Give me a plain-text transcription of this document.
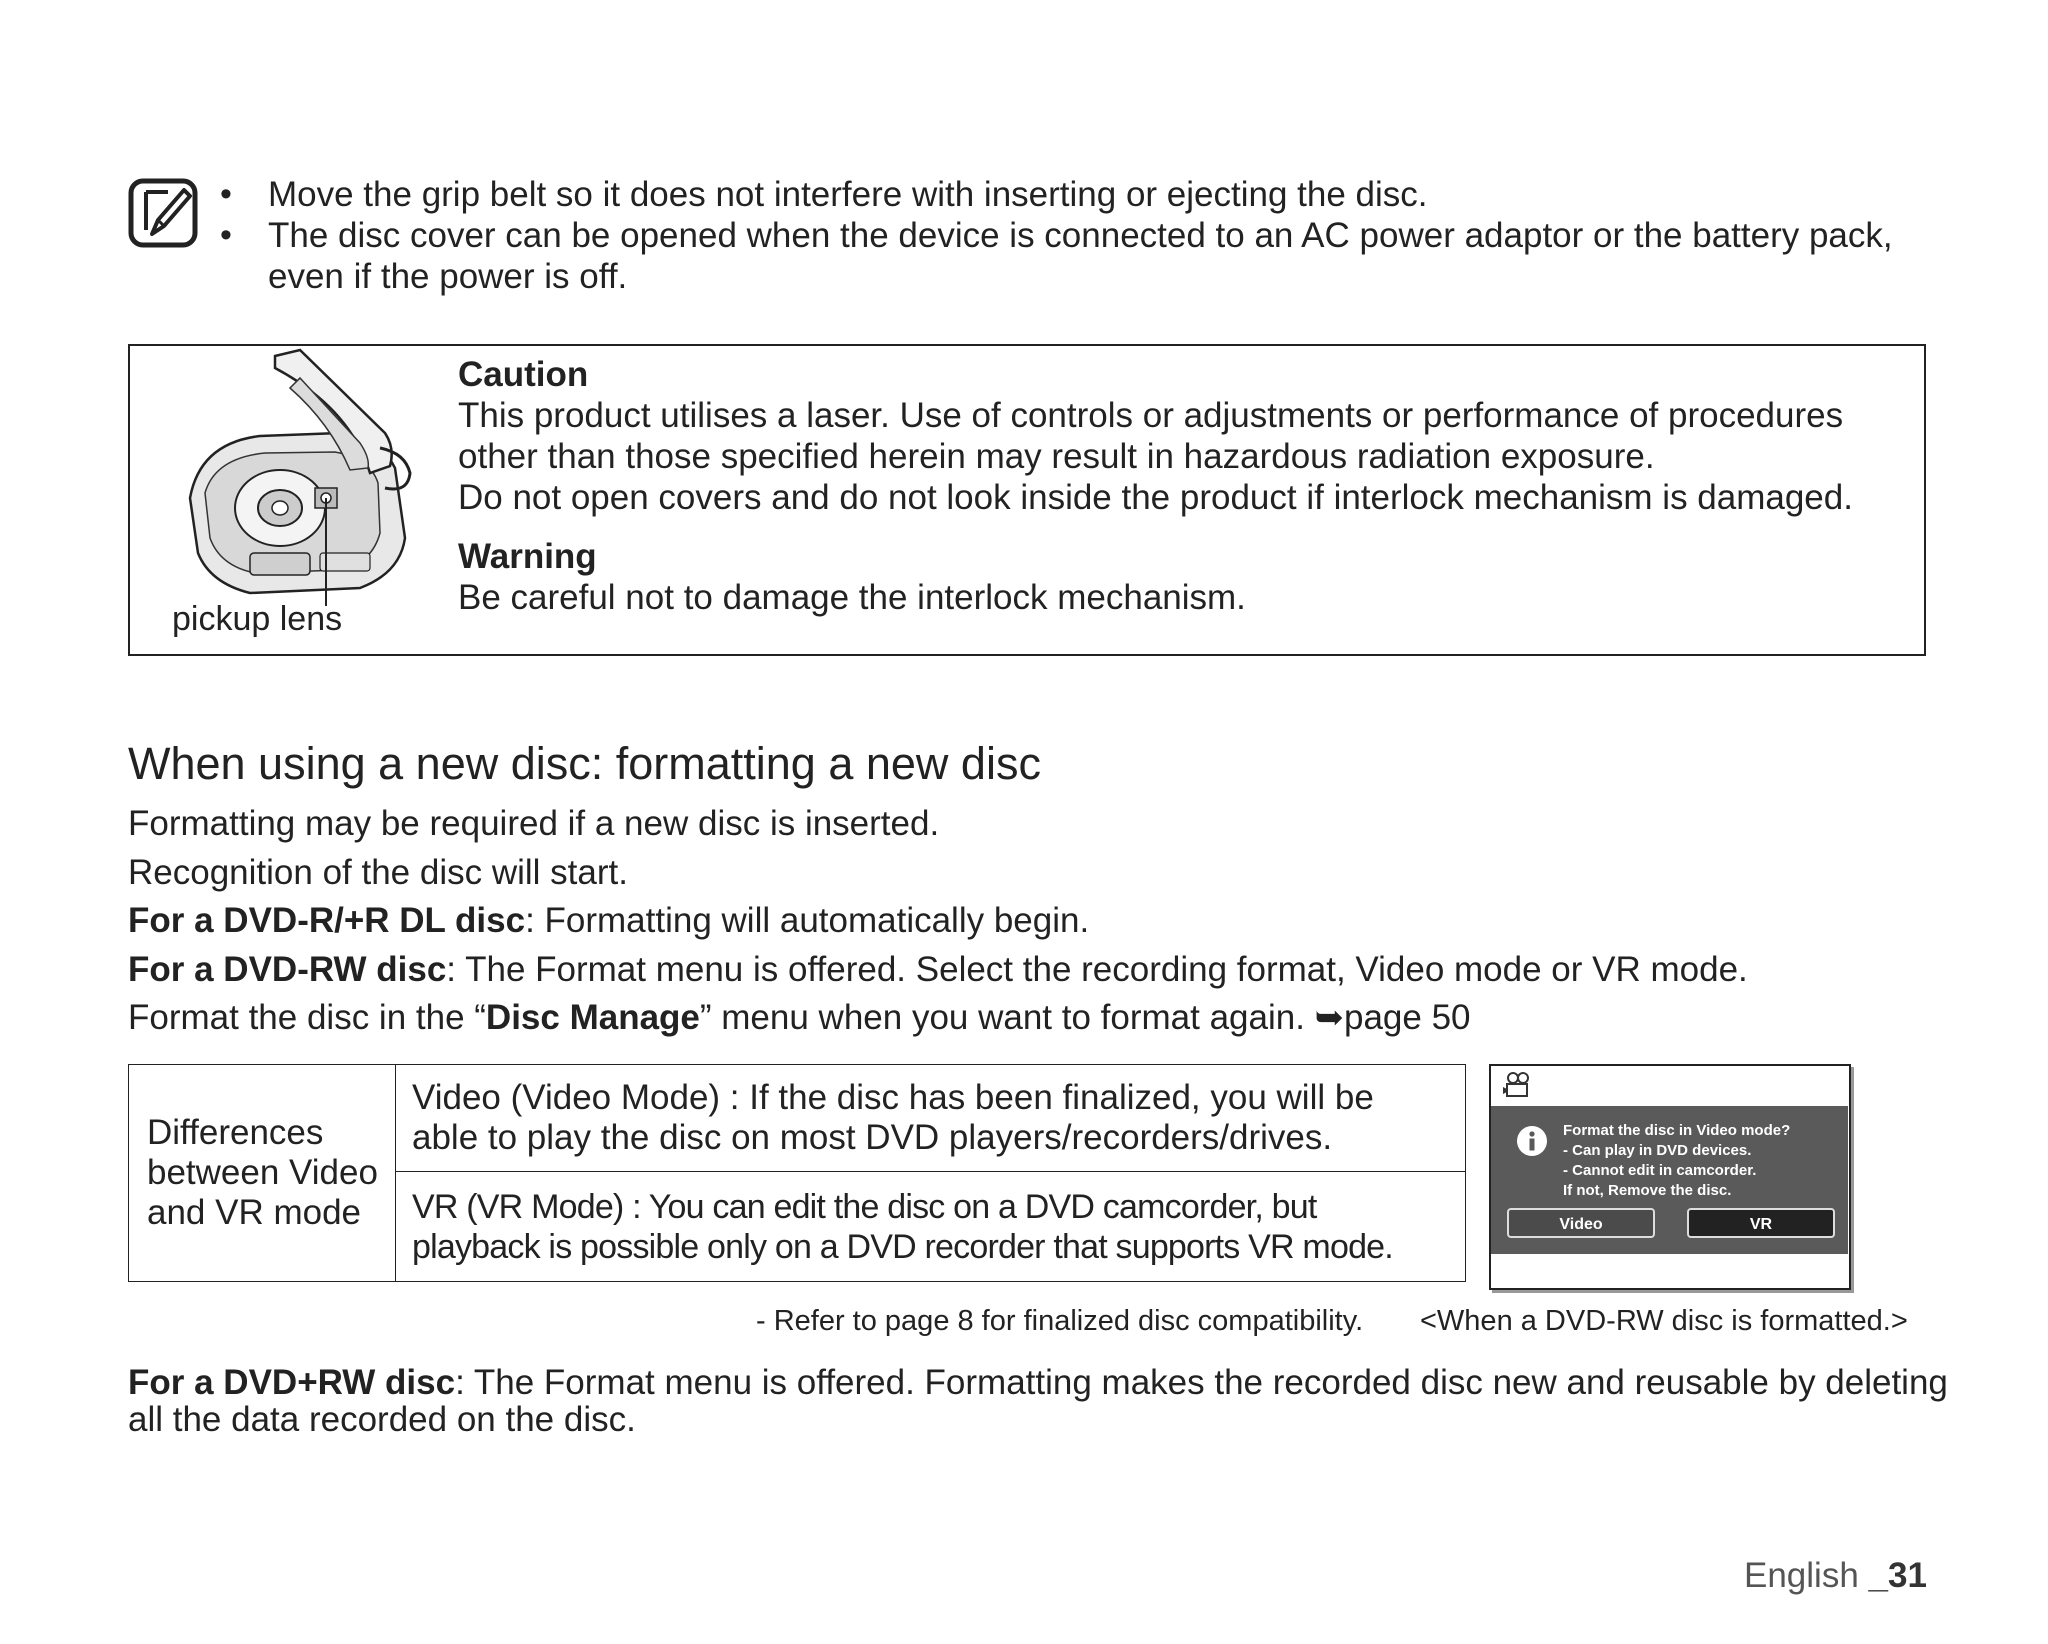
• Move the grip belt so it does not interfere with inserting or ejecting the disc.
• The disc cover can be opened when the device is connected to an AC power adaptor or the battery pack, even if the power is off.
pickup lens
Caution
This product utilises a laser. Use of controls or adjustments or performance of procedures
other than those specified herein may result in hazardous radiation exposure.
Do not open covers and do not look inside the product if interlock mechanism is damaged.
Warning
Be careful not to damage the interlock mechanism.
When using a new disc: formatting a new disc
Formatting may be required if a new disc is inserted.
Recognition of the disc will start.
For a DVD-R/+R DL disc: Formatting will automatically begin.
For a DVD-RW disc: The Format menu is offered. Select the recording format, Video mode or VR mode.
Format the disc in the “Disc Manage” menu when you want to format again. ➥page 50
Differences between Video and VR mode	Video (Video Mode) : If the disc has been finalized, you will be able to play the disc on most DVD players/recorders/drives.
VR (VR Mode) : You can edit the disc on a DVD camcorder, but playback is possible only on a DVD recorder that supports VR mode.
Format the disc in Video mode?
- Can play in DVD devices.
- Cannot edit in camcorder.
If not, Remove the disc.
Video	VR
- Refer to page 8 for finalized disc compatibility. <When a DVD-RW disc is formatted.>
For a DVD+RW disc: The Format menu is offered. Formatting makes the recorded disc new and reusable by deleting all the data recorded on the disc.
English _31
